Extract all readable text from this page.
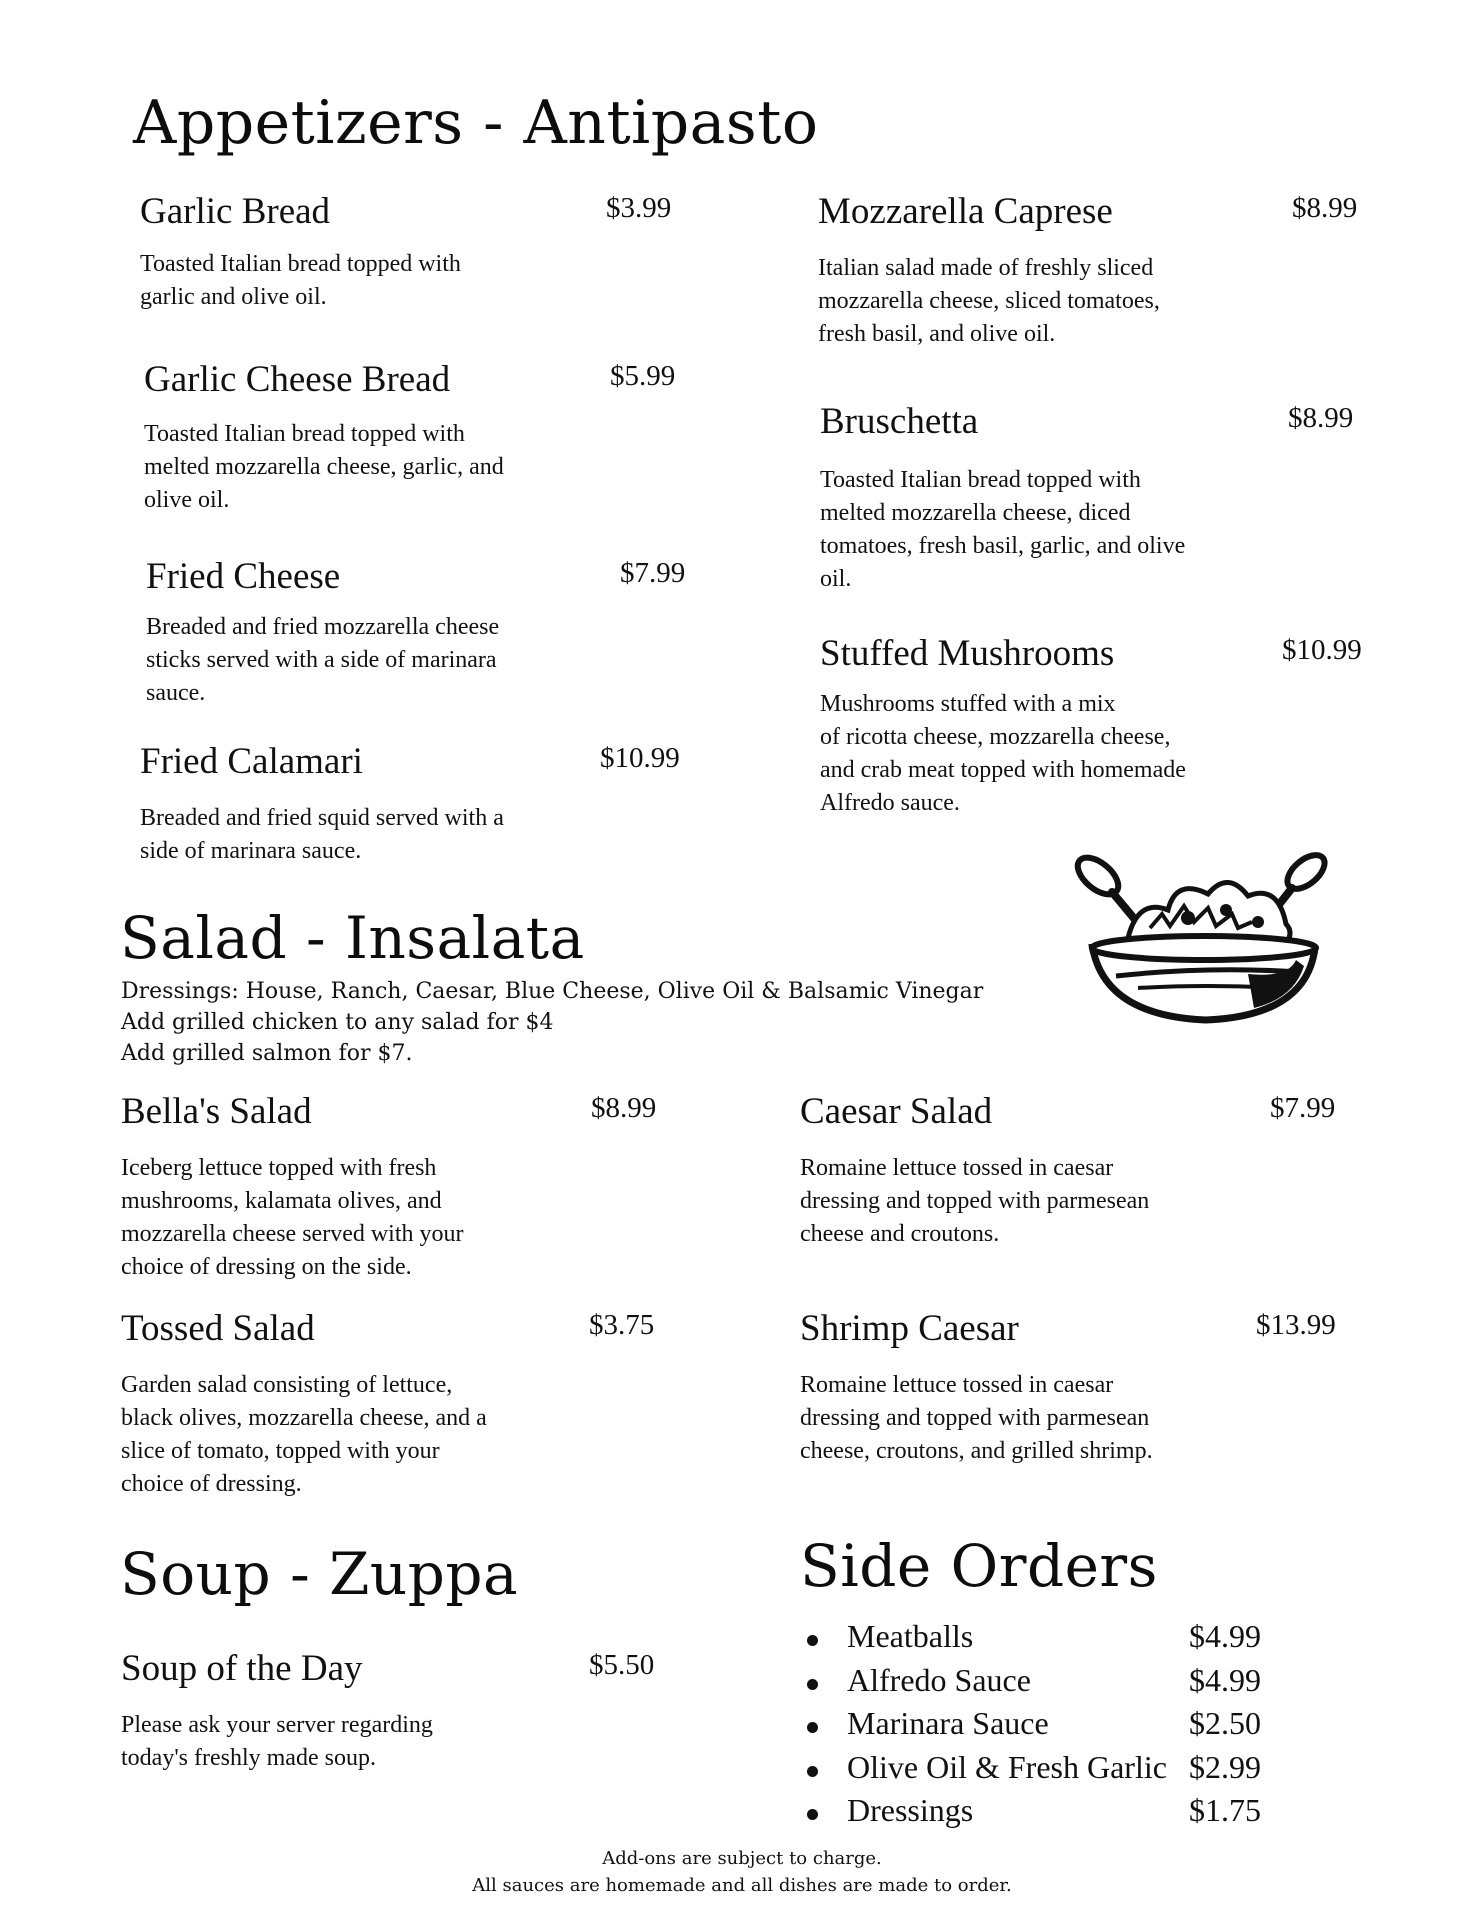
Appetizers - Antipasto
Garlic Bread	$3.99
Toasted Italian bread topped with
garlic and olive oil.
Garlic Cheese Bread	$5.99
Toasted Italian bread topped with
melted mozzarella cheese, garlic, and
olive oil.
Fried Cheese	$7.99
Breaded and fried mozzarella cheese
sticks served with a side of marinara
sauce.
Fried Calamari	$10.99
Breaded and fried squid served with a
side of marinara sauce.
Mozzarella Caprese	$8.99
Italian salad made of freshly sliced
mozzarella cheese, sliced tomatoes,
fresh basil, and olive oil.
Bruschetta	$8.99
Toasted Italian bread topped with
melted mozzarella cheese, diced
tomatoes, fresh basil, garlic, and olive
oil.
Stuffed Mushrooms	$10.99
Mushrooms stuffed with a mix
of ricotta cheese, mozzarella cheese,
and crab meat topped with homemade
Alfredo sauce.
Salad - Insalata
Dressings: House, Ranch, Caesar, Blue Cheese, Olive Oil & Balsamic Vinegar
Add grilled chicken to any salad for $4
Add grilled salmon for $7.
Bella's Salad	$8.99
Iceberg lettuce topped with fresh
mushrooms, kalamata olives, and
mozzarella cheese served with your
choice of dressing on the side.
Caesar Salad	$7.99
Romaine lettuce tossed in caesar
dressing and topped with parmesean
cheese and croutons.
Tossed Salad	$3.75
Garden salad consisting of lettuce,
black olives, mozzarella cheese, and a
slice of tomato, topped with your
choice of dressing.
Shrimp Caesar	$13.99
Romaine lettuce tossed in caesar
dressing and topped with parmesean
cheese, croutons, and grilled shrimp.
Soup - Zuppa
Soup of the Day	$5.50
Please ask your server regarding
today's freshly made soup.
Side Orders
Meatballs	$4.99
Alfredo Sauce	$4.99
Marinara Sauce	$2.50
Olive Oil & Fresh Garlic $2.99
Dressings	$1.75
Add-ons are subject to charge.
All sauces are homemade and all dishes are made to order.
